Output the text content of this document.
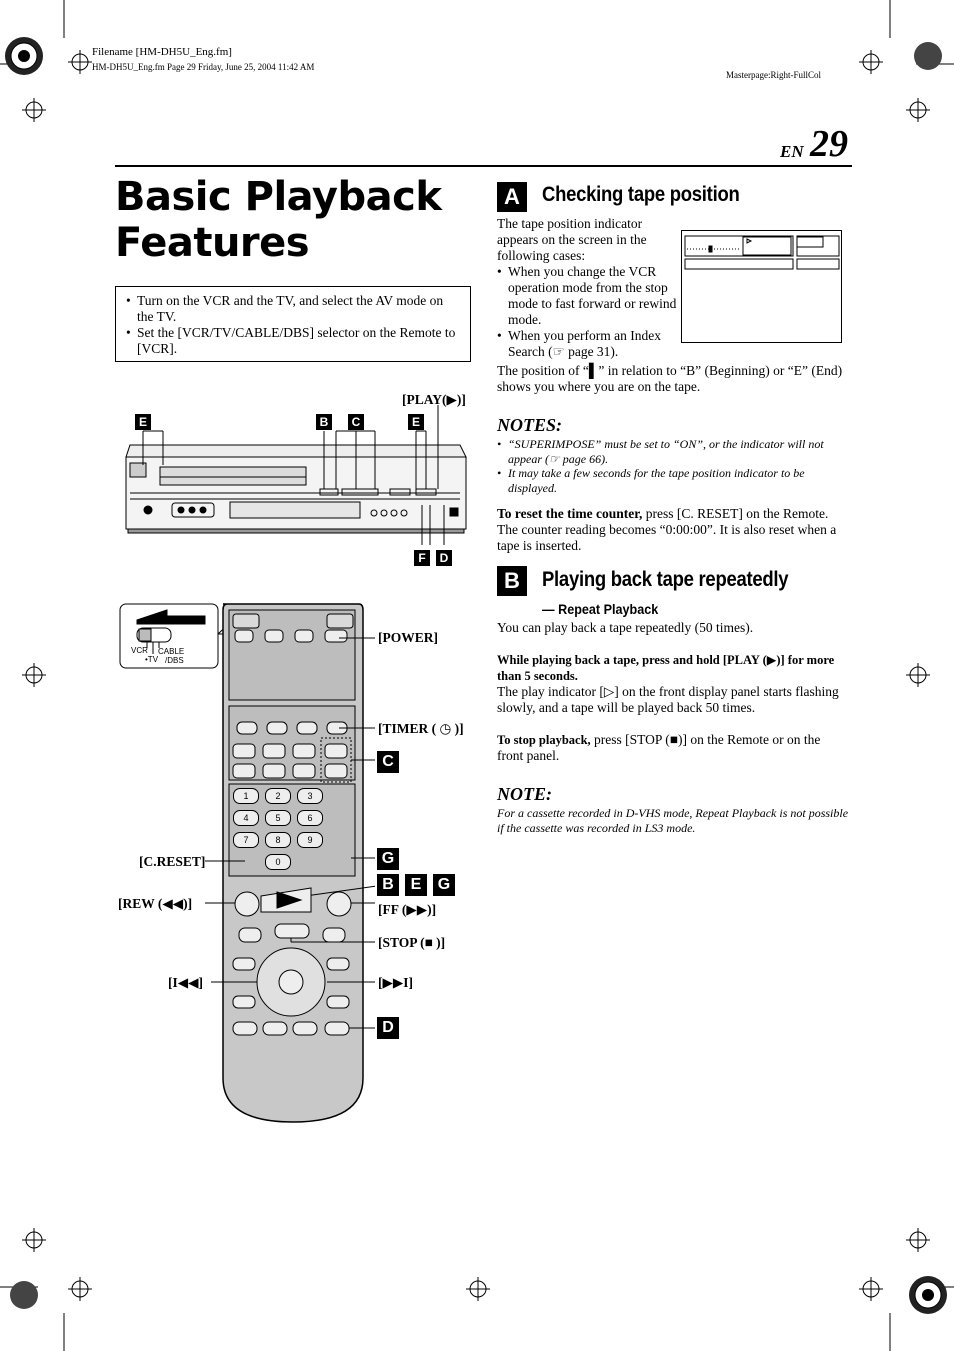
Filename [HM-DH5U_Eng.fm]
HM-DH5U_Eng.fm Page 29 Friday, June 25, 2004 11:42 AM
Masterpage:Right-FullCol
EN 29
Basic Playback
Features
• Turn on the VCR and the TV, and select the AV mode on the TV.
• Set the [VCR/TV/CABLE/DBS] selector on the Remote to [VCR].
[PLAY(▶)]
E	B	C	E
F	D
VCR
•TV
CABLE
/DBS
1	2	3
4	5	6
7	8	9
0
[POWER]
[TIMER ( ◷ )]
C
[C.RESET]	G
B	E	G
[REW (◀◀)]	[FF (▶▶)]
[STOP (■ )]
[I◀◀]	[▶▶I]
D
A	Checking tape position
The tape position indicator appears on the screen in the following cases:
• When you change the VCR operation mode from the stop mode to fast forward or rewind mode.
• When you perform an Index Search (☞ page 31).
The position of “▌” in relation to “B” (Beginning) or “E” (End) shows you where you are on the tape.
NOTES:
• “SUPERIMPOSE” must be set to “ON”, or the indicator will not appear (☞ page 66).
• It may take a few seconds for the tape position indicator to be displayed.
To reset the time counter, press [C. RESET] on the Remote. The counter reading becomes “0:00:00”. It is also reset when a tape is inserted.
B	Playing back tape repeatedly
— Repeat Playback
You can play back a tape repeatedly (50 times).
While playing back a tape, press and hold [PLAY (▶)] for more than 5 seconds.
The play indicator [▷] on the front display panel starts flashing slowly, and a tape will be played back 50 times.
To stop playback, press [STOP (■)] on the Remote or on the front panel.
NOTE:
For a cassette recorded in D-VHS mode, Repeat Playback is not possible if the cassette was recorded in LS3 mode.
